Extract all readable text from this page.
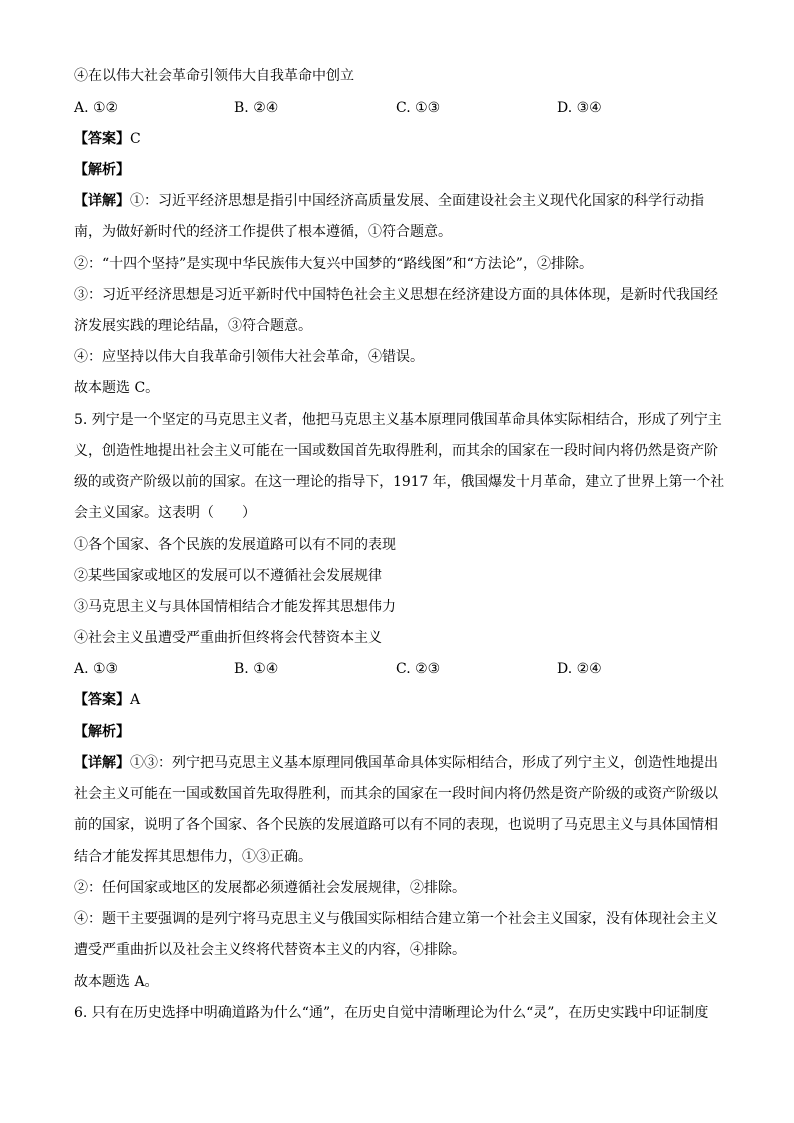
④在以伟大社会革命引领伟大自我革命中创立
A. ①②	B. ②④	C. ①③	D. ③④
【答案】C
【解析】
【详解】①：习近平经济思想是指引中国经济高质量发展、全面建设社会主义现代化国家的科学行动指
南，为做好新时代的经济工作提供了根本遵循，①符合题意。
②：“十四个坚持”是实现中华民族伟大复兴中国梦的“路线图”和“方法论”，②排除。
③：习近平经济思想是习近平新时代中国特色社会主义思想在经济建设方面的具体体现，是新时代我国经
济发展实践的理论结晶，③符合题意。
④：应坚持以伟大自我革命引领伟大社会革命，④错误。
故本题选 C。
5. 列宁是一个坚定的马克思主义者，他把马克思主义基本原理同俄国革命具体实际相结合，形成了列宁主
义，创造性地提出社会主义可能在一国或数国首先取得胜利，而其余的国家在一段时间内将仍然是资产阶
级的或资产阶级以前的国家。在这一理论的指导下，1917 年，俄国爆发十月革命，建立了世界上第一个社
会主义国家。这表明（　　）
①各个国家、各个民族的发展道路可以有不同的表现
②某些国家或地区的发展可以不遵循社会发展规律
③马克思主义与具体国情相结合才能发挥其思想伟力
④社会主义虽遭受严重曲折但终将会代替资本主义
A. ①③	B. ①④	C. ②③	D. ②④
【答案】A
【解析】
【详解】①③：列宁把马克思主义基本原理同俄国革命具体实际相结合，形成了列宁主义，创造性地提出
社会主义可能在一国或数国首先取得胜利，而其余的国家在一段时间内将仍然是资产阶级的或资产阶级以
前的国家，说明了各个国家、各个民族的发展道路可以有不同的表现，也说明了马克思主义与具体国情相
结合才能发挥其思想伟力，①③正确。
②：任何国家或地区的发展都必须遵循社会发展规律，②排除。
④：题干主要强调的是列宁将马克思主义与俄国实际相结合建立第一个社会主义国家，没有体现社会主义
遭受严重曲折以及社会主义终将代替资本主义的内容，④排除。
故本题选 A。
6. 只有在历史选择中明确道路为什么“通”，在历史自觉中清晰理论为什么“灵”，在历史实践中印证制度
